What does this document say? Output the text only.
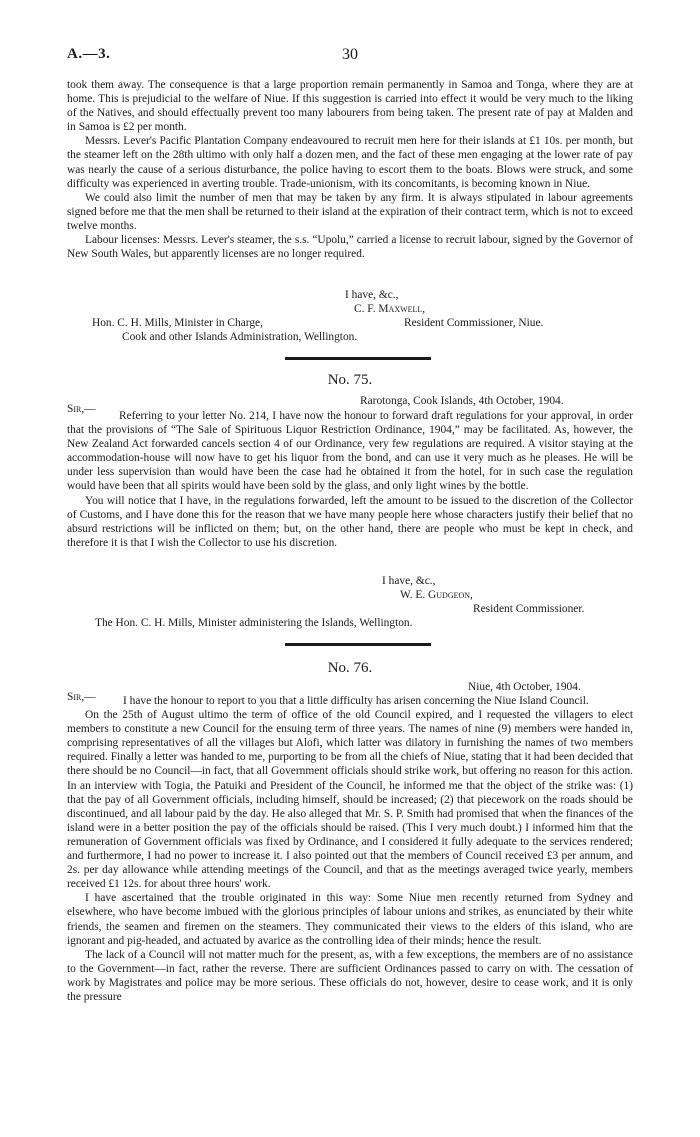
A.—3.	30

took them away. The consequence is that a large proportion remain permanently in Samoa and Tonga, where they are at home. This is prejudicial to the welfare of Niue. If this suggestion is carried into effect it would be very much to the liking of the Natives, and should effectually prevent too many labourers from being taken. The present rate of pay at Malden and in Samoa is £2 per month.

Messrs. Lever's Pacific Plantation Company endeavoured to recruit men here for their islands at £1 10s. per month, but the steamer left on the 28th ultimo with only half a dozen men, and the fact of these men engaging at the lower rate of pay was nearly the cause of a serious disturbance, the police having to escort them to the boats. Blows were struck, and some difficulty was experienced in averting trouble. Trade-unionism, with its concomitants, is becoming known in Niue.

We could also limit the number of men that may be taken by any firm. It is always stipulated in labour agreements signed before me that the men shall be returned to their island at the expiration of their contract term, which is not to exceed twelve months.

Labour licenses: Messrs. Lever's steamer, the s.s. “Upolu,” carried a license to recruit labour, signed by the Governor of New South Wales, but apparently licenses are no longer required.

I have, &c.,
C. F. Maxwell,
Hon. C. H. Mills, Minister in Charge,	Resident Commissioner, Niue.
Cook and other Islands Administration, Wellington.
No. 75.
Sir,—
Rarotonga, Cook Islands, 4th October, 1904.

Referring to your letter No. 214, I have now the honour to forward draft regulations for your approval, in order that the provisions of “The Sale of Spirituous Liquor Restriction Ordinance, 1904,” may be facilitated. As, however, the New Zealand Act forwarded cancels section 4 of our Ordinance, very few regulations are required. A visitor staying at the accommodation-house will now have to get his liquor from the bond, and can use it very much as he pleases. He will be under less supervision than would have been the case had he obtained it from the hotel, for in such case the regulation would have been that all spirits would have been sold by the glass, and only light wines by the bottle.

You will notice that I have, in the regulations forwarded, left the amount to be issued to the discretion of the Collector of Customs, and I have done this for the reason that we have many people here whose characters justify their belief that no absurd restrictions will be inflicted on them; but, on the other hand, there are people who must be kept in check, and therefore it is that I wish the Collector to use his discretion.

I have, &c.,
W. E. Gudgeon,
Resident Commissioner.
The Hon. C. H. Mills, Minister administering the Islands, Wellington.
No. 76.
Sir,—
Niue, 4th October, 1904.

I have the honour to report to you that a little difficulty has arisen concerning the Niue Island Council.

On the 25th of August ultimo the term of office of the old Council expired, and I requested the villagers to elect members to constitute a new Council for the ensuing term of three years. The names of nine (9) members were handed in, comprising representatives of all the villages but Alofi, which latter was dilatory in furnishing the names of two members required. Finally a letter was handed to me, purporting to be from all the chiefs of Niue, stating that it had been decided that there should be no Council—in fact, that all Government officials should strike work, but offering no reason for this action. In an interview with Togia, the Patuiki and President of the Council, he informed me that the object of the strike was: (1) that the pay of all Government officials, including himself, should be increased; (2) that piecework on the roads should be discontinued, and all labour paid by the day. He also alleged that Mr. S. P. Smith had promised that when the finances of the island were in a better position the pay of the officials should be raised. (This I very much doubt.) I informed him that the remuneration of Government officials was fixed by Ordinance, and I considered it fully adequate to the services rendered; and furthermore, I had no power to increase it. I also pointed out that the members of Council received £3 per annum, and 2s. per day allowance while attending meetings of the Council, and that as the meetings averaged twice yearly, members received £1 12s. for about three hours' work.

I have ascertained that the trouble originated in this way: Some Niue men recently returned from Sydney and elsewhere, who have become imbued with the glorious principles of labour unions and strikes, as enunciated by their white friends, the seamen and firemen on the steamers. They communicated their views to the elders of this island, who are ignorant and pig-headed, and actuated by avarice as the controlling idea of their minds; hence the result.

The lack of a Council will not matter much for the present, as, with a few exceptions, the members are of no assistance to the Government—in fact, rather the reverse. There are sufficient Ordinances passed to carry on with. The cessation of work by Magistrates and police may be more serious. These officials do not, however, desire to cease work, and it is only the pressure
